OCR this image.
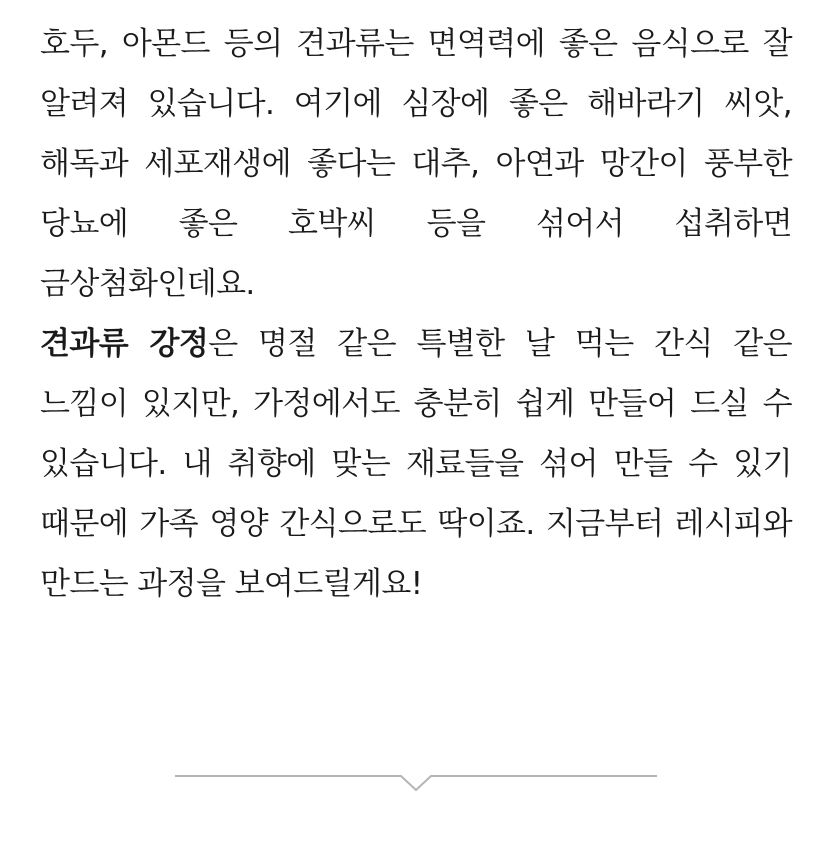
호두, 아몬드 등의 견과류는 면역력에 좋은 음식으로 잘 알려져 있습니다. 여기에 심장에 좋은 해바라기 씨앗, 해독과 세포재생에 좋다는 대추, 아연과 망간이 풍부한 당뇨에 좋은 호박씨 등을 섞어서 섭취하면 금상첨화인데요.

견과류 강정은 명절 같은 특별한 날 먹는 간식 같은 느낌이 있지만, 가정에서도 충분히 쉽게 만들어 드실 수 있습니다. 내 취향에 맞는 재료들을 섞어 만들 수 있기 때문에 가족 영양 간식으로도 딱이죠. 지금부터 레시피와 만드는 과정을 보여드릴게요!
